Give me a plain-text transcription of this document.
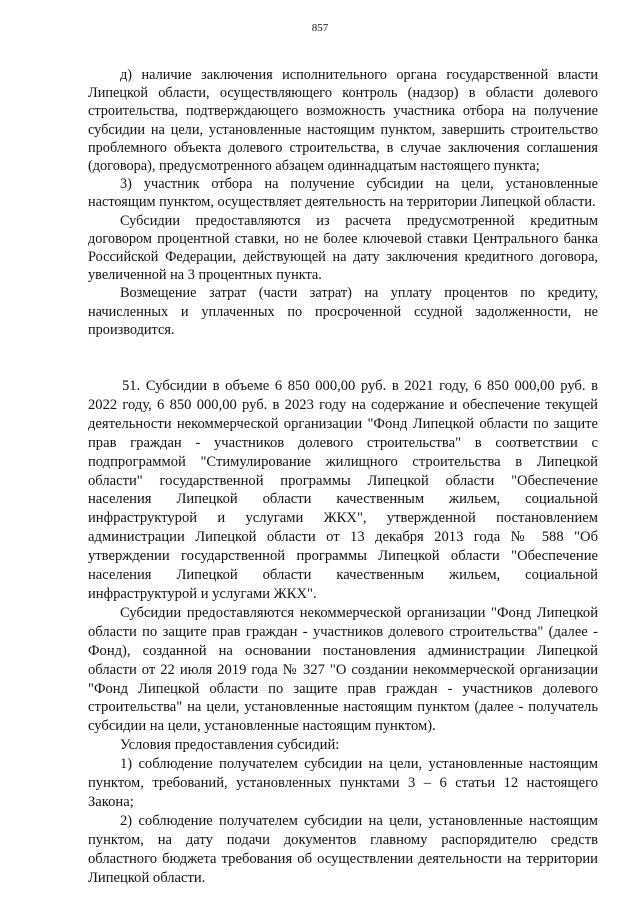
857

д) наличие заключения исполнительного органа государственной власти Липецкой области, осуществляющего контроль (надзор) в области долевого строительства, подтверждающего возможность участника отбора на получение субсидии на цели, установленные настоящим пунктом, завершить строительство проблемного объекта долевого строительства, в случае заключения соглашения (договора), предусмотренного абзацем одиннадцатым настоящего пункта;

3) участник отбора на получение субсидии на цели, установленные настоящим пунктом, осуществляет деятельность на территории Липецкой области.

Субсидии предоставляются из расчета предусмотренной кредитным договором процентной ставки, но не более ключевой ставки Центрального банка Российской Федерации, действующей на дату заключения кредитного договора, увеличенной на 3 процентных пункта.

Возмещение затрат (части затрат) на уплату процентов по кредиту, начисленных и уплаченных по просроченной ссудной задолженности, не производится.

51. Субсидии в объеме 6 850 000,00 руб. в 2021 году, 6 850 000,00 руб. в 2022 году, 6 850 000,00 руб. в 2023 году на содержание и обеспечение текущей деятельности некоммерческой организации "Фонд Липецкой области по защите прав граждан - участников долевого строительства" в соответствии с подпрограммой "Стимулирование жилищного строительства в Липецкой области" государственной программы Липецкой области "Обеспечение населения Липецкой области качественным жильем, социальной инфраструктурой и услугами ЖКХ", утвержденной постановлением администрации Липецкой области от 13 декабря 2013 года № 588 "Об утверждении государственной программы Липецкой области "Обеспечение населения Липецкой области качественным жильем, социальной инфраструктурой и услугами ЖКХ".

Субсидии предоставляются некоммерческой организации "Фонд Липецкой области по защите прав граждан - участников долевого строительства" (далее - Фонд), созданной на основании постановления администрации Липецкой области от 22 июля 2019 года № 327 "О создании некоммерческой организации "Фонд Липецкой области по защите прав граждан - участников долевого строительства" на цели, установленные настоящим пунктом (далее - получатель субсидии на цели, установленные настоящим пунктом).

Условия предоставления субсидий:

1) соблюдение получателем субсидии на цели, установленные настоящим пунктом, требований, установленных пунктами 3 – 6 статьи 12 настоящего Закона;

2) соблюдение получателем субсидии на цели, установленные настоящим пунктом, на дату подачи документов главному распорядителю средств областного бюджета требования об осуществлении деятельности на территории Липецкой области.
